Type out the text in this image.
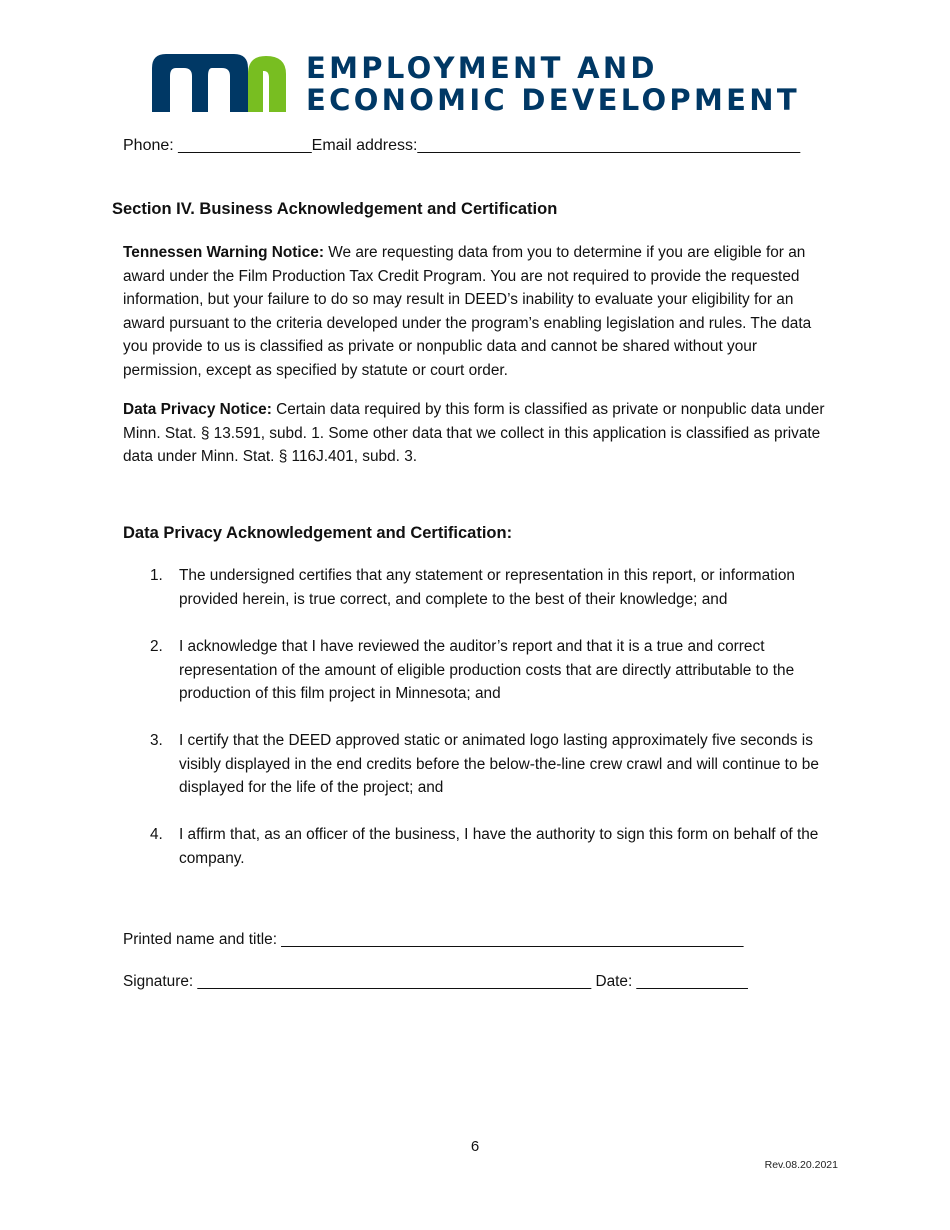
EMPLOYMENT AND
ECONOMIC DEVELOPMENT
Phone: _______________Email address:___________________________________________
Section IV. Business Acknowledgement and Certification
Tennessen Warning Notice: We are requesting data from you to determine if you are eligible for an award under the Film Production Tax Credit Program. You are not required to provide the requested information, but your failure to do so may result in DEED’s inability to evaluate your eligibility for an award pursuant to the criteria developed under the program’s enabling legislation and rules. The data you provide to us is classified as private or nonpublic data and cannot be shared without your permission, except as specified by statute or court order.
Data Privacy Notice: Certain data required by this form is classified as private or nonpublic data under Minn. Stat. § 13.591, subd. 1. Some other data that we collect in this application is classified as private data under Minn. Stat. § 116J.401, subd. 3.
Data Privacy Acknowledgement and Certification:
1.	The undersigned certifies that any statement or representation in this report, or information provided herein, is true correct, and complete to the best of their knowledge; and
2.	I acknowledge that I have reviewed the auditor’s report and that it is a true and correct representation of the amount of eligible production costs that are directly attributable to the production of this film project in Minnesota; and
3.	I certify that the DEED approved static or animated logo lasting approximately five seconds is visibly displayed in the end credits before the below-the-line crew crawl and will continue to be displayed for the life of the project; and
4.	I affirm that, as an officer of the business, I have the authority to sign this form on behalf of the company.
Printed name and title: ______________________________________________________
Signature: ______________________________________________ Date: _____________
6
Rev.08.20.2021
